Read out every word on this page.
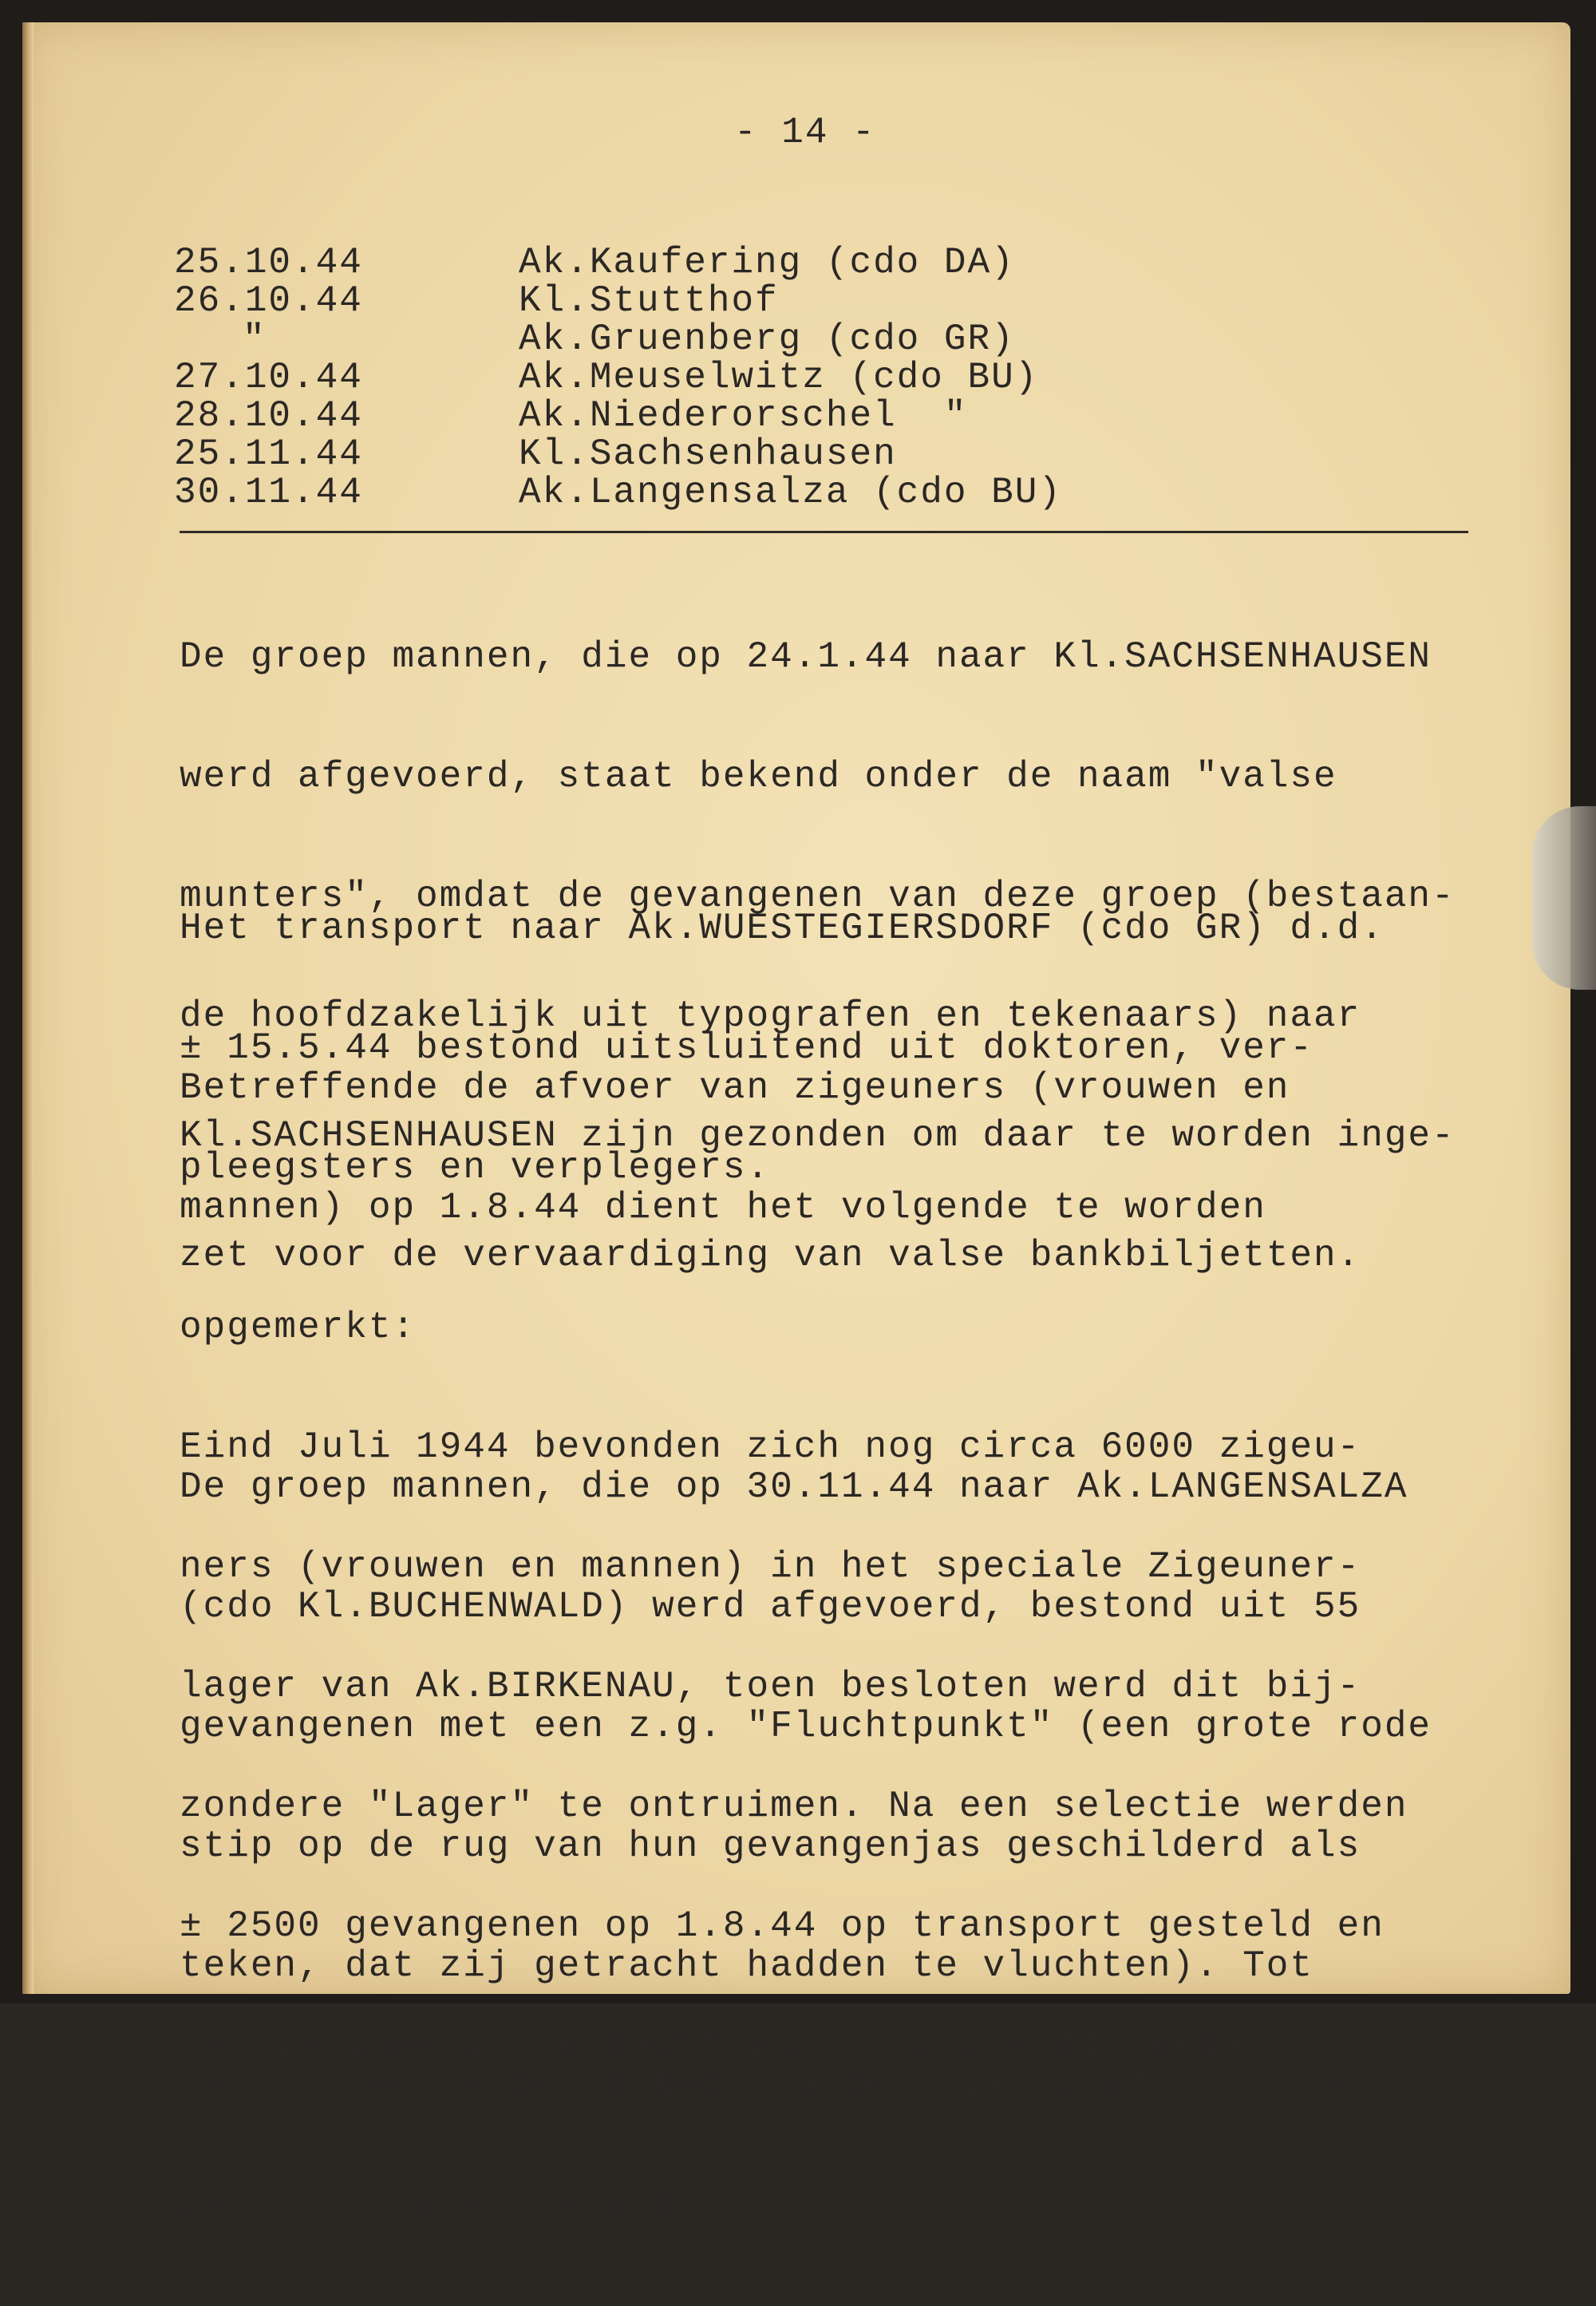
- 14 -
25.10.44	Ak.Kaufering (cdo DA)
26.10.44	Kl.Stutthof
"	Ak.Gruenberg (cdo GR)
27.10.44	Ak.Meuselwitz (cdo BU)
28.10.44	Ak.Niederorschel  "
25.11.44	Kl.Sachsenhausen
30.11.44	Ak.Langensalza (cdo BU)

De groep mannen, die op 24.1.44 naar Kl.SACHSENHAUSEN

werd afgevoerd, staat bekend onder de naam "valse

munters", omdat de gevangenen van deze groep (bestaan-

de hoofdzakelijk uit typografen en tekenaars) naar

Kl.SACHSENHAUSEN zijn gezonden om daar te worden inge-

zet voor de vervaardiging van valse bankbiljetten.

Het transport naar Ak.WUESTEGIERSDORF (cdo GR) d.d.

± 15.5.44 bestond uitsluitend uit doktoren, ver-

pleegsters en verplegers.

Betreffende de afvoer van zigeuners (vrouwen en

mannen) op 1.8.44 dient het volgende te worden

opgemerkt:

Eind Juli 1944 bevonden zich nog circa 6000 zigeu-

ners (vrouwen en mannen) in het speciale Zigeuner-

lager van Ak.BIRKENAU, toen besloten werd dit bij-

zondere "Lager" te ontruimen. Na een selectie werden

± 2500 gevangenen op 1.8.44 op transport gesteld en

de overigen in de nacht van 2 op 3.8.44 vergast.

De groep mannen, die op 30.11.44 naar Ak.LANGENSALZA

(cdo Kl.BUCHENWALD) werd afgevoerd, bestond uit 55

gevangenen met een z.g. "Fluchtpunkt" (een grote rode

stip op de rug van hun gevangenjas geschilderd als

teken, dat zij getracht hadden te vluchten). Tot

deze groep hebben 5 Nederlanders van Joodse bloede

behoord (namen bekend).
